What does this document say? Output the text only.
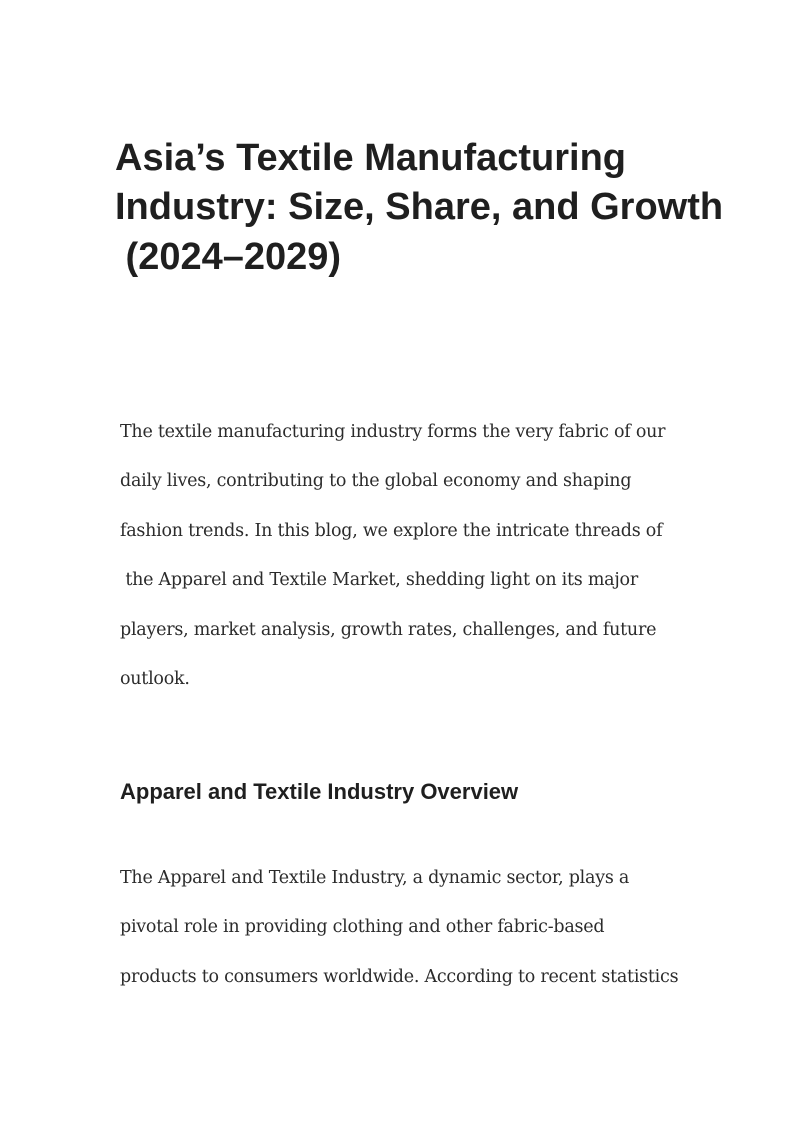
Asia’s Textile Manufacturing
Industry: Size, Share, and Growth
(2024–2029)

The textile manufacturing industry forms the very fabric of our

daily lives, contributing to the global economy and shaping

fashion trends. In this blog, we explore the intricate threads of

the Apparel and Textile Market, shedding light on its major

players, market analysis, growth rates, challenges, and future

outlook.

Apparel and Textile Industry Overview

The Apparel and Textile Industry, a dynamic sector, plays a

pivotal role in providing clothing and other fabric-based

products to consumers worldwide. According to recent statistics
